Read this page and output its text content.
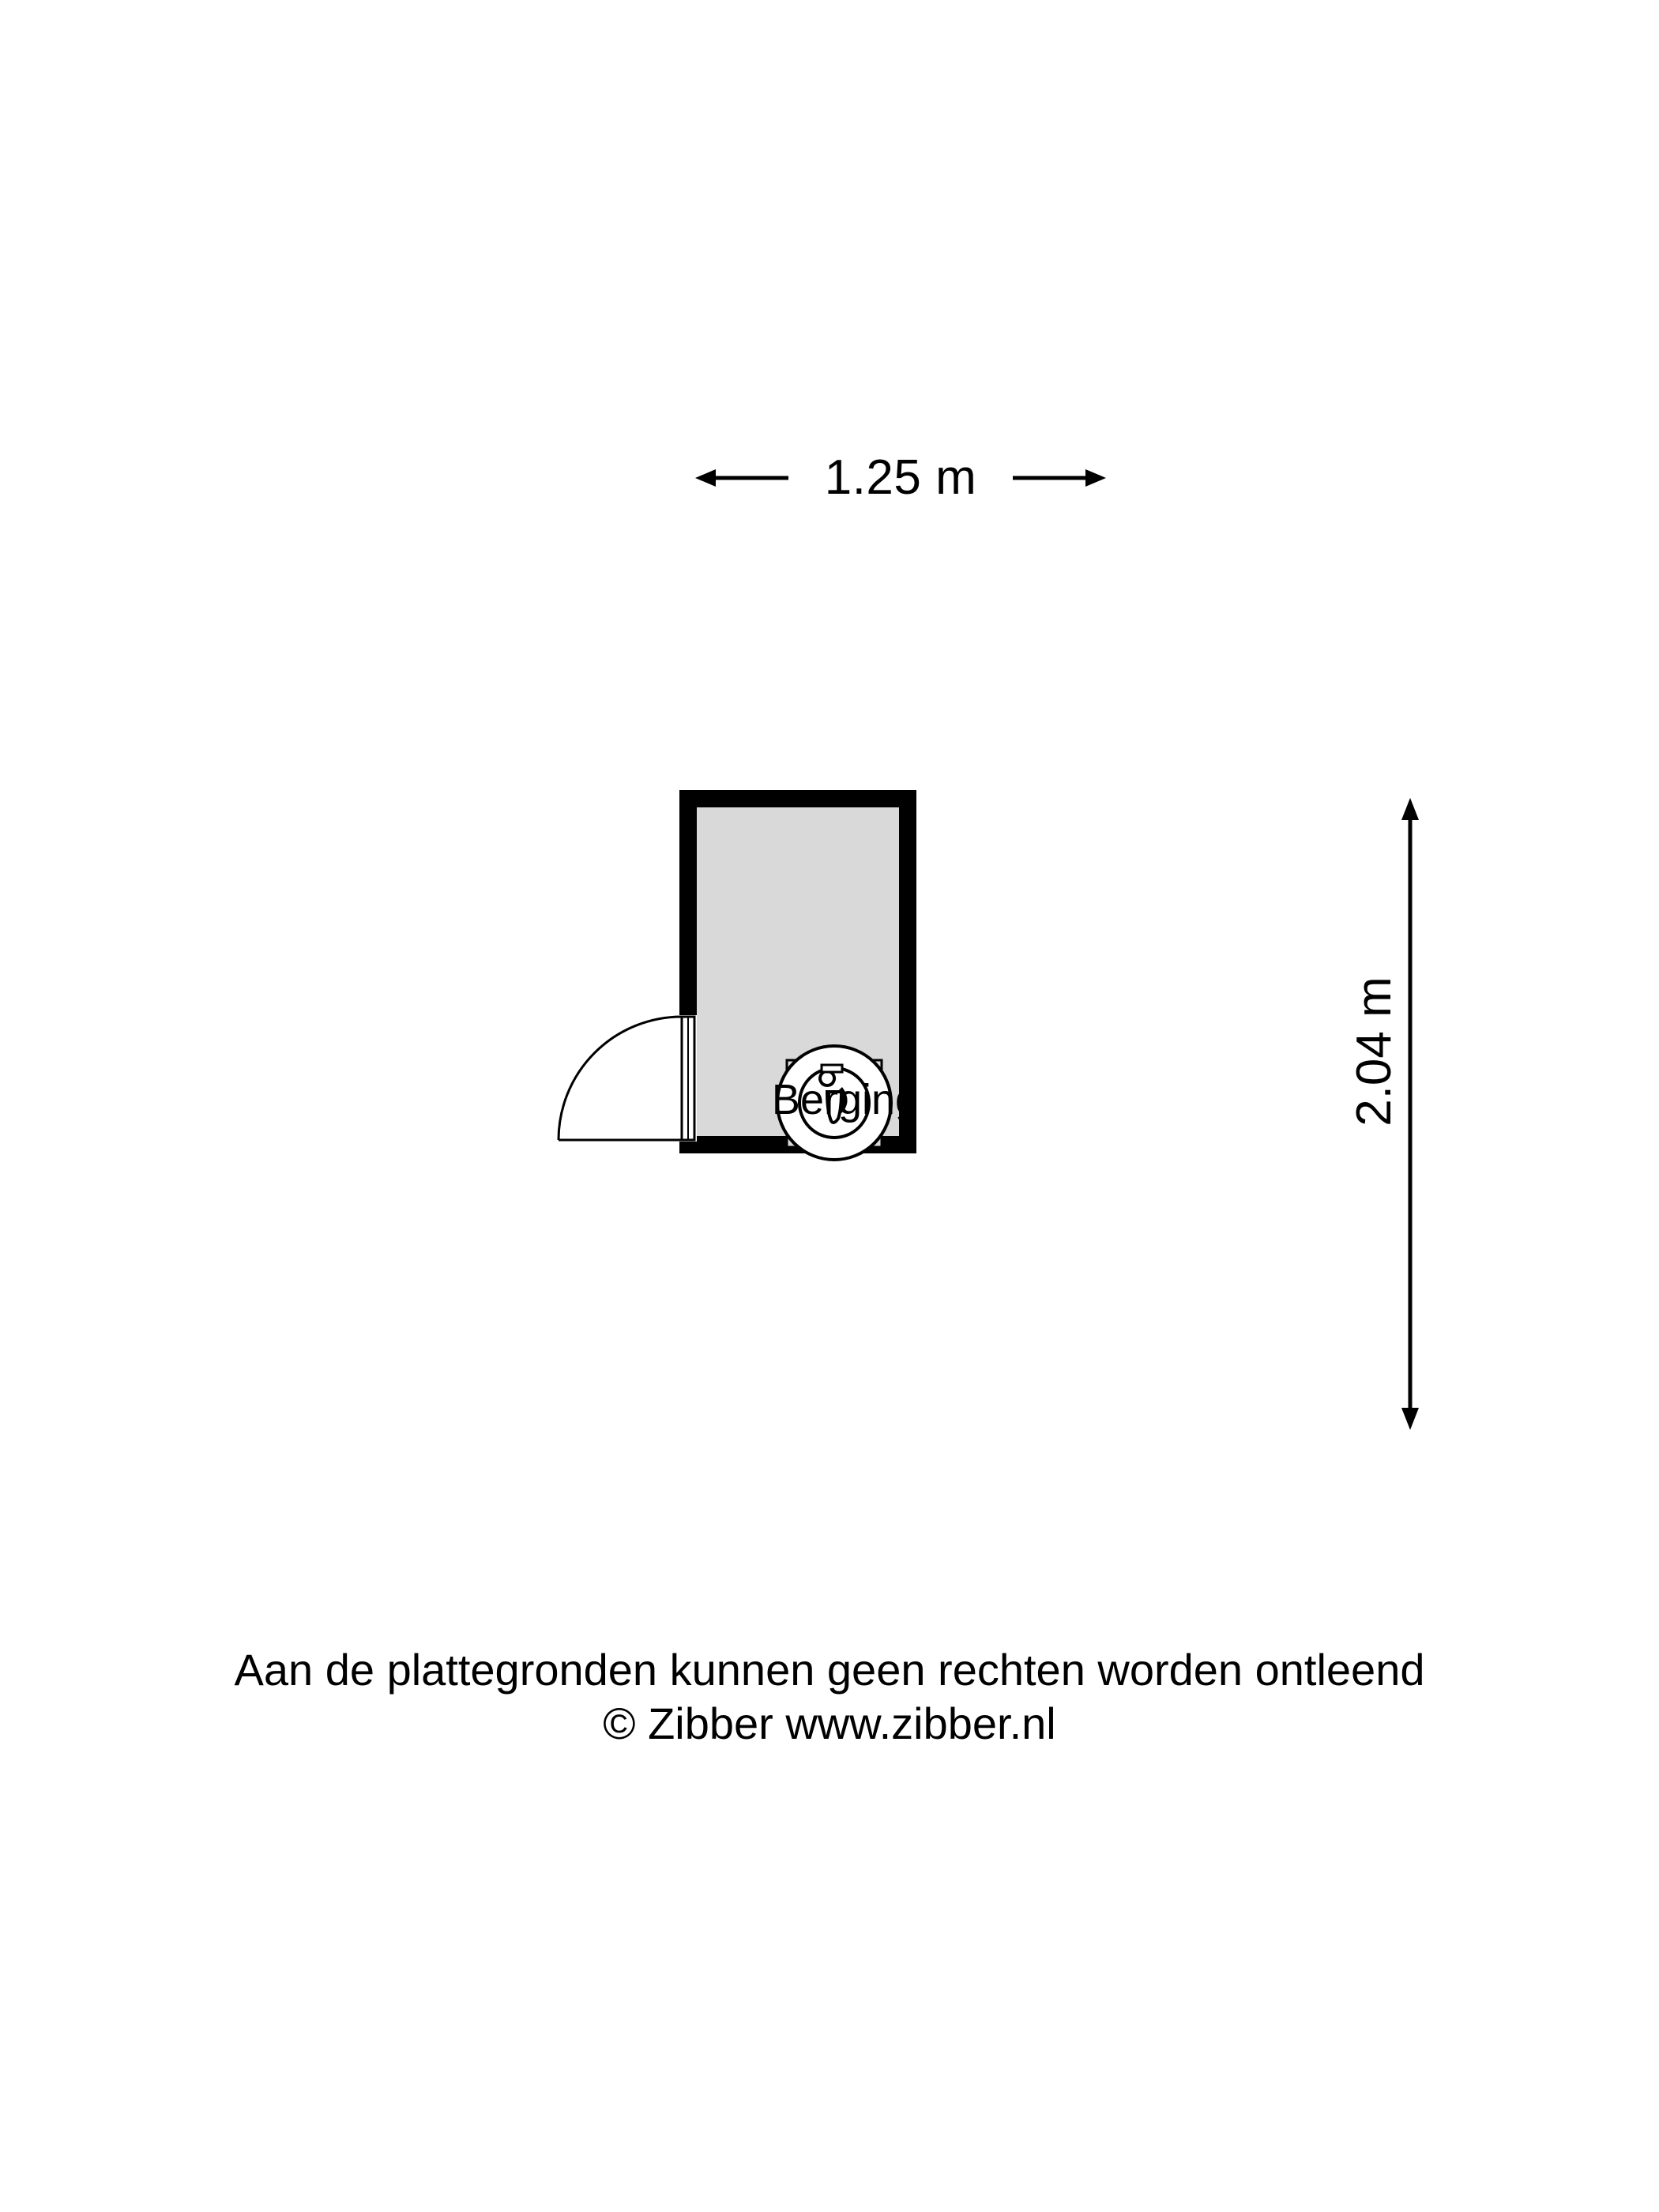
1.25 m
2.04 m
Berging
Aan de plattegronden kunnen geen rechten worden ontleend
© Zibber www.zibber.nl
